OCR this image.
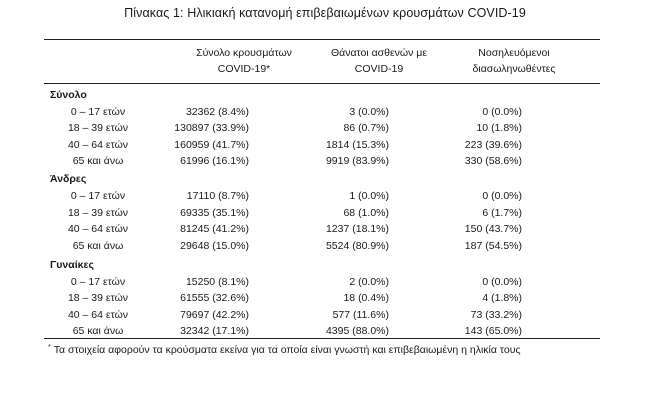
Πίνακας 1: Ηλικιακή κατανομή επιβεβαιωμένων κρουσμάτων COVID-19
Σύνολο κρουσμάτων
COVID-19*
Θάνατοι ασθενών με
COVID-19
Νοσηλευόμενοι
διασωληνωθέντες
Σύνολο
0 – 17 ετών	32362 (8.4%)	3 (0.0%)	0 (0.0%)
18 – 39 ετών	130897 (33.9%)	86 (0.7%)	10 (1.8%)
40 – 64 ετών	160959 (41.7%)	1814 (15.3%)	223 (39.6%)
65 και άνω	61996 (16.1%)	9919 (83.9%)	330 (58.6%)
Άνδρες
0 – 17 ετών	17110 (8.7%)	1 (0.0%)	0 (0.0%)
18 – 39 ετών	69335 (35.1%)	68 (1.0%)	6 (1.7%)
40 – 64 ετών	81245 (41.2%)	1237 (18.1%)	150 (43.7%)
65 και άνω	29648 (15.0%)	5524 (80.9%)	187 (54.5%)
Γυναίκες
0 – 17 ετών	15250 (8.1%)	2 (0.0%)	0 (0.0%)
18 – 39 ετών	61555 (32.6%)	18 (0.4%)	4 (1.8%)
40 – 64 ετών	79697 (42.2%)	577 (11.6%)	73 (33.2%)
65 και άνω	32342 (17.1%)	4395 (88.0%)	143 (65.0%)
* Τα στοιχεία αφορούν τα κρούσματα εκείνα για τα οποία είναι γνωστή και επιβεβαιωμένη η ηλικία τους
